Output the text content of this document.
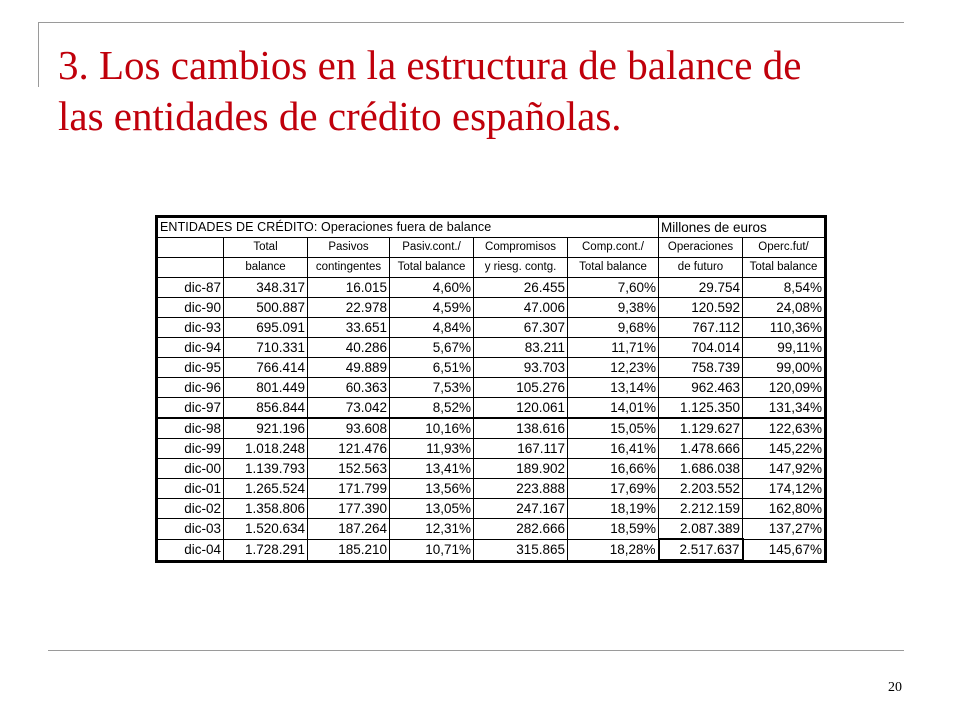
3. Los cambios en la estructura de balance de
las entidades de crédito españolas.
ENTIDADES DE CRÉDITO: Operaciones fuera de balance						Millones de euros	
	Total	Pasivos	Pasiv.cont./	Compromisos	Comp.cont./	Operaciones	Operc.fut/
	balance	contingentes	Total balance	y riesg. contg.	Total balance	de futuro	Total balance
dic-87	348.317	16.015	4,60%	26.455	7,60%	29.754	8,54%
dic-90	500.887	22.978	4,59%	47.006	9,38%	120.592	24,08%
dic-93	695.091	33.651	4,84%	67.307	9,68%	767.112	110,36%
dic-94	710.331	40.286	5,67%	83.211	11,71%	704.014	99,11%
dic-95	766.414	49.889	6,51%	93.703	12,23%	758.739	99,00%
dic-96	801.449	60.363	7,53%	105.276	13,14%	962.463	120,09%
dic-97	856.844	73.042	8,52%	120.061	14,01%	1.125.350	131,34%
dic-98	921.196	93.608	10,16%	138.616	15,05%	1.129.627	122,63%
dic-99	1.018.248	121.476	11,93%	167.117	16,41%	1.478.666	145,22%
dic-00	1.139.793	152.563	13,41%	189.902	16,66%	1.686.038	147,92%
dic-01	1.265.524	171.799	13,56%	223.888	17,69%	2.203.552	174,12%
dic-02	1.358.806	177.390	13,05%	247.167	18,19%	2.212.159	162,80%
dic-03	1.520.634	187.264	12,31%	282.666	18,59%	2.087.389	137,27%
dic-04	1.728.291	185.210	10,71%	315.865	18,28%	2.517.637	145,67%
20
